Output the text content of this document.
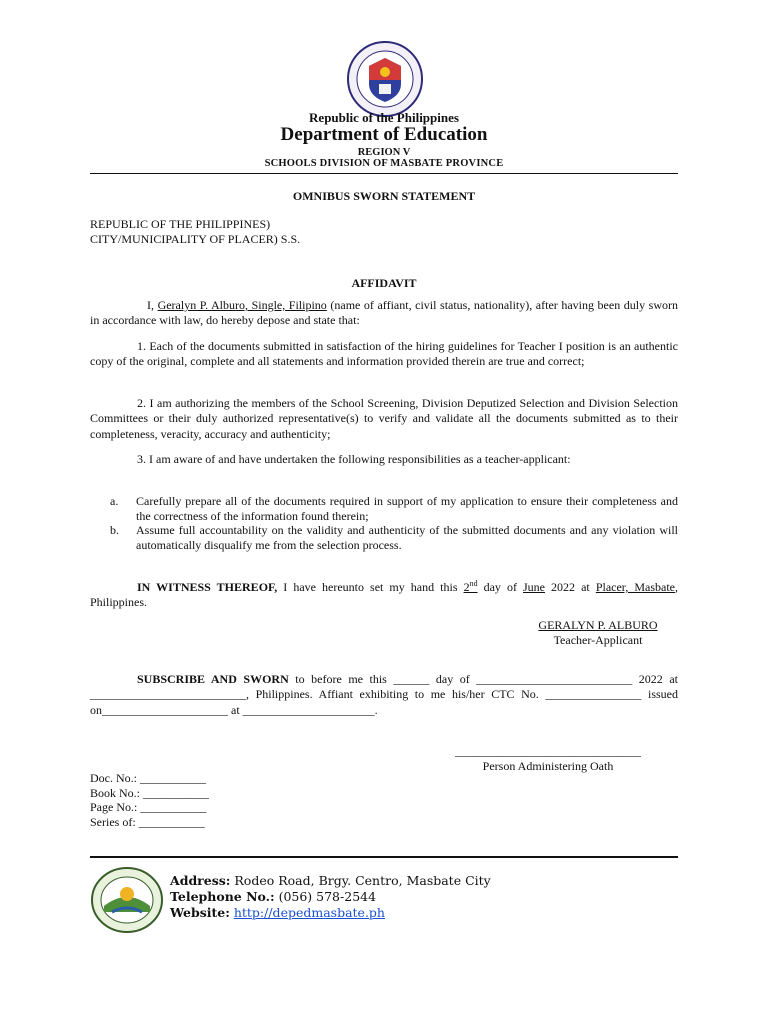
Republic of the Philippines
Department of Education
REGION V
SCHOOLS DIVISION OF MASBATE PROVINCE
OMNIBUS SWORN STATEMENT
REPUBLIC OF THE PHILIPPINES)
CITY/MUNICIPALITY OF PLACER) S.S.
AFFIDAVIT
I, Geralyn P. Alburo, Single, Filipino (name of affiant, civil status, nationality), after having been duly sworn in accordance with law, do hereby depose and state that:
1. Each of the documents submitted in satisfaction of the hiring guidelines for Teacher I position is an authentic copy of the original, complete and all statements and information provided therein are true and correct;
2. I am authorizing the members of the School Screening, Division Deputized Selection and Division Selection Committees or their duly authorized representative(s) to verify and validate all the documents submitted as to their completeness, veracity, accuracy and authenticity;
3. I am aware of and have undertaken the following responsibilities as a teacher-applicant:
a.	Carefully prepare all of the documents required in support of my application to ensure their completeness and the correctness of the information found therein;
b.	Assume full accountability on the validity and authenticity of the submitted documents and any violation will automatically disqualify me from the selection process.
IN WITNESS THEREOF, I have hereunto set my hand this 2nd day of June 2022 at Placer, Masbate, Philippines.
GERALYN P. ALBURO
Teacher-Applicant
SUBSCRIBE AND SWORN to before me this ______ day of __________________________ 2022 at __________________________, Philippines. Affiant exhibiting to me his/her CTC No. ________________ issued on_____________________ at ______________________.
_______________________________
Person Administering Oath
Doc. No.: ___________
Book No.: ___________
Page No.: ___________
Series of: ___________
Address: Rodeo Road, Brgy. Centro, Masbate City
Telephone No.: (056) 578-2544
Website: http://depedmasbate.ph
